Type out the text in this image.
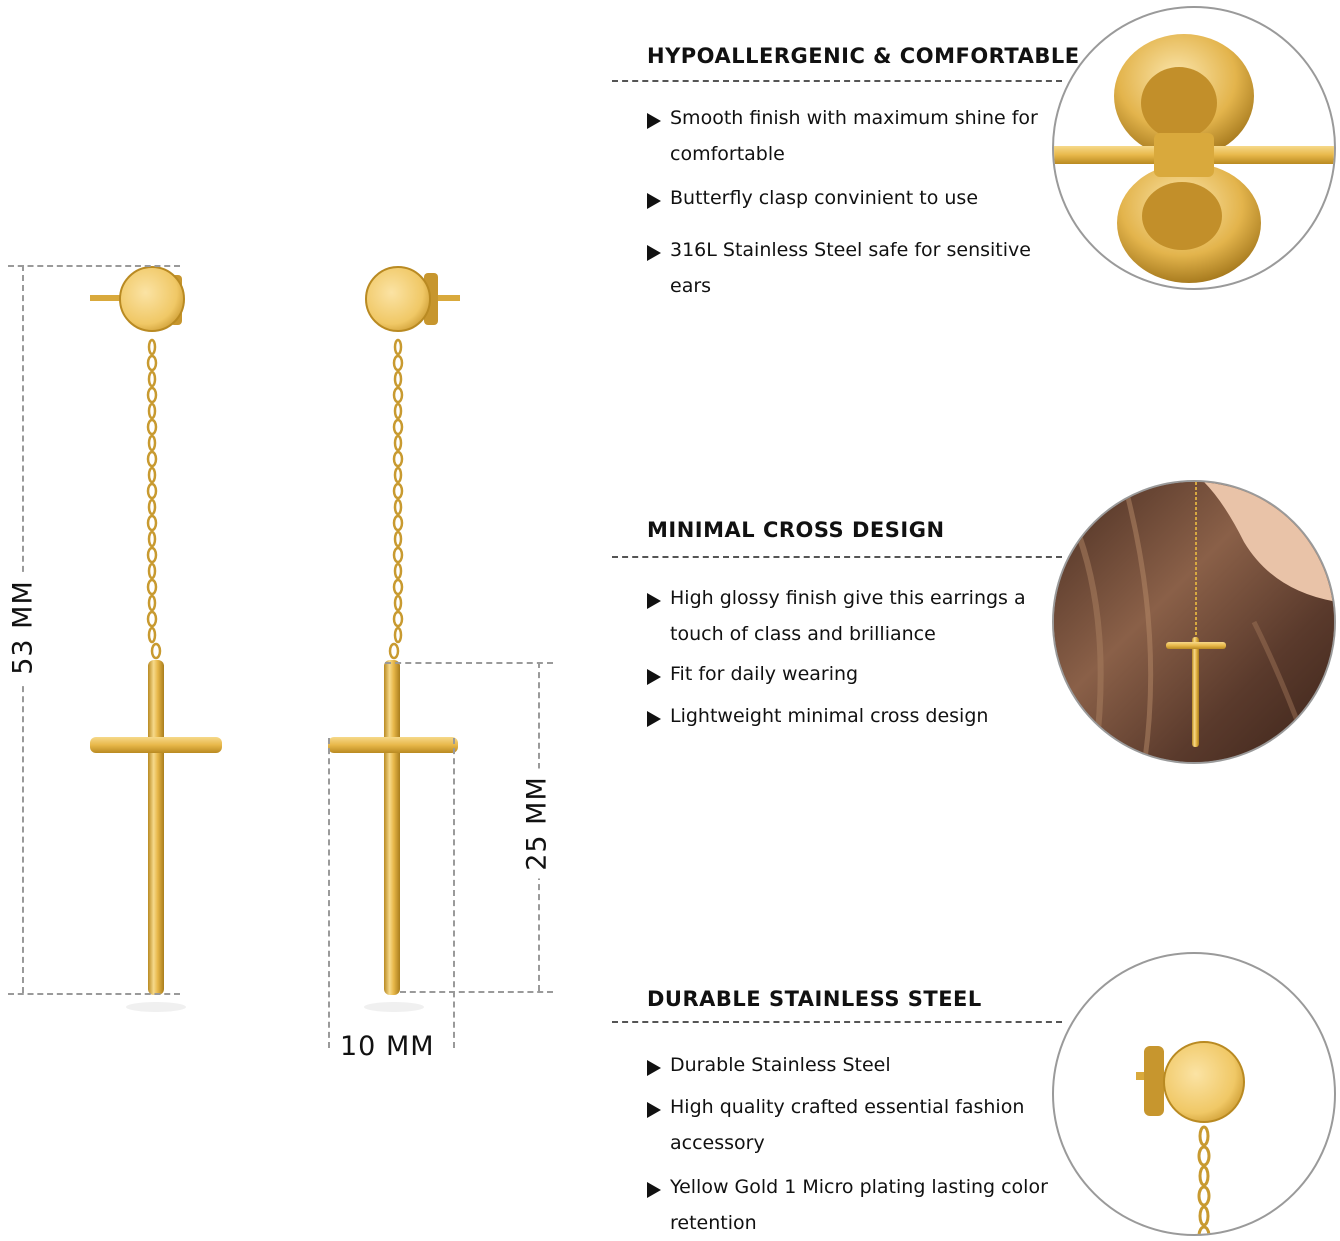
53 MM
25 MM
10 MM
HYPOALLERGENIC & COMFORTABLE
Smooth finish with maximum shine for comfortable
Butterfly clasp convinient to use
316L Stainless Steel safe for sensitive ears
MINIMAL CROSS DESIGN
High glossy finish give this earrings a touch of class and brilliance
Fit for daily wearing
Lightweight minimal cross design
DURABLE STAINLESS STEEL
Durable Stainless Steel
High quality crafted essential fashion accessory
Yellow Gold 1 Micro plating lasting color retention
